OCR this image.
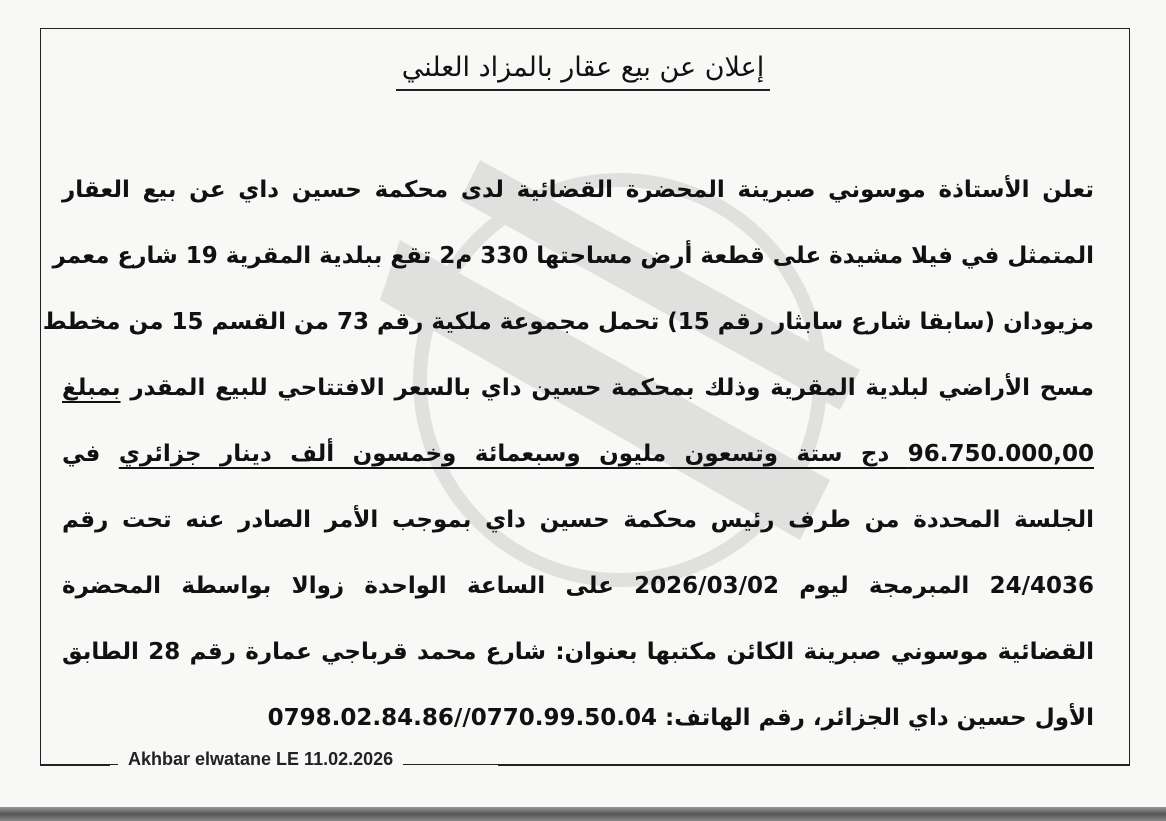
إعلان عن بيع عقار بالمزاد العلني
تعلن الأستاذة موسوني صبرينة المحضرة القضائية لدى محكمة حسين داي عن بيع العقار
المتمثل في فيلا مشيدة على قطعة أرض مساحتها 330 م2 تقع ببلدية المقرية 19 شارع معمر
مزيودان (سابقا شارع سابثار رقم 15) تحمل مجموعة ملكية رقم 73 من القسم 15 من مخطط
مسح الأراضي لبلدية المقرية وذلك بمحكمة حسين داي بالسعر الافتتاحي للبيع المقدر بمبلغ
96.750.000,00 دج ستة وتسعون مليون وسبعمائة وخمسون ألف دينار جزائري في
الجلسة المحددة من طرف رئيس محكمة حسين داي بموجب الأمر الصادر عنه تحت رقم
24/4036 المبرمجة ليوم 2026/03/02 على الساعة الواحدة زوالا بواسطة المحضرة
القضائية موسوني صبرينة الكائن مكتبها بعنوان: شارع محمد قرباجي عمارة رقم 28 الطابق
الأول حسين داي الجزائر، رقم الهاتف: 0770.99.50.04//0798.02.84.86
Akhbar elwatane LE 11.02.2026
